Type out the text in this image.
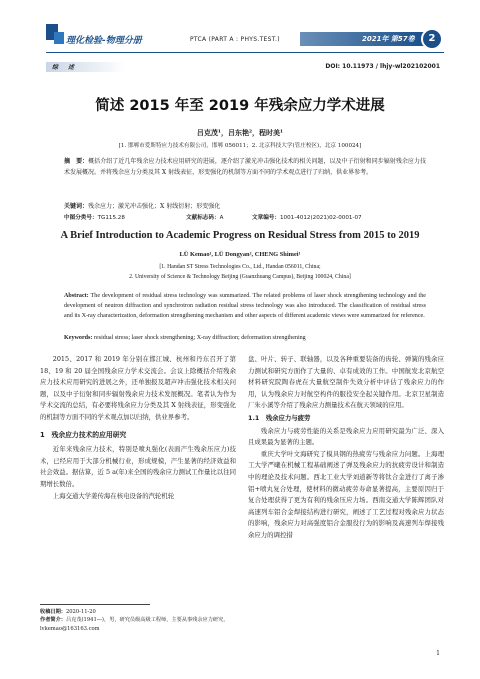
理化检验-物理分册	PTCA (PART A : PHYS.TEST.)	2021年 第57卷	2
综　述	DOI: 10.11973 / lhjy-wl202102001
简述 2015 年至 2019 年残余应力学术进展
吕克茂¹，吕东艳²，程时美¹
[1. 邯郸市爱斯特应力技术有限公司，邯郸 056011；2. 北京科技大学(管庄校区)，北京 100024]
摘　要：概括介绍了近几年残余应力技术应用研究的进展，逐介绍了激光冲击强化技术的相关问题，以及中子衍射和同步辐射残余应力技术发展概况。并将残余应力分类及其 X 射线表征，形变强化的机制等方面不同的学术观点进行了归纳，供业界参考。
关键词：残余应力；激光冲击强化；X 射线衍射；形变强化
中图分类号：TG115.28	文献标志码：A	文章编号：1001-4012(2021)02-0001-07
A Brief Introduction to Academic Progress on Residual Stress from 2015 to 2019
LÜ Kemao¹, LÜ Dongyan², CHENG Shimei¹
[1. Handan ST Stress Technologies Co., Ltd., Handan 056011, China;
2. University of Science & Technology Beijing (Guanzhuang Campus), Beijing 100024, China]
Abstract: The development of residual stress technology was summarized. The related problems of laser shock strengthening technology and the development of neutron diffraction and synchrotron radiation residual stress technology was also introduced. The classification of residual stress and its X-ray characterization, deformation strengthening mechanism and other aspects of different academic views were summarized for reference.
Keywords: residual stress; laser shock strengthening; X-ray diffraction; deformation strengthening

2015、2017 和 2019 年分别在邯江城、杭州和丹东召开了第 18、19 和 20 届全国残余应力学术交流会。会议上除概括介绍残余应力技术应用研究的进展之外，还单独报及超声冲击强化技术相关问题，以及中子衍射和同步辐射残余应力技术发展概况。笔者认为作为学术交流的总结，有必要将残余应力分类及其 X 射线表征，形变强化的机制等方面不同的学术观点加以归纳，供业界参考。

1　残余应力技术的应用研究

近年来残余应力技术，特别是喷丸强化(表面产生残余压应力)技术，已经应用于大部分机械行业，形成规模，产生显著的经济效益和社会效益。据估算，近 5 a(年)来全国的残余应力测试工作量比以往同期增长数倍。

上海交通大学姜传海在核电设备的汽轮机轮

盘、叶片、转子、联轴器，以及各种重要装备的齿轮、弹簧的残余应力测试和研究方面作了大量的、卓有成效的工作。中国航发北京航空材料研究院陶春虎在大量航空制件失效分析中评估了残余应力的作用，认为残余应力对航空构件的服役安全起关键作用。北京卫星制造厂朱小溪等介绍了残余应力测量技术在航天领域的应用。

1.1　残余应力与疲劳

残余应力与疲劳性能的关系是残余应力应用研究最为广泛、深入且成果最为显著的主题。

重庆大学叶文海研究了模具钢的热疲劳与残余应力问题。上海理工大学严曦在机械工程基础阐述了弹及残余应力的抗疲劳设计和制造中的理论及技术问题。西北工业大学刘道新等将钛合金进行了离子渗铝+喷丸复合处理，使材料的微动疲劳寿命显著提高，主要原因归于复合处理获得了更为有利的残余压应力场。西南交通大学陈辉团队对高速列车铝合金焊接结构进行研究，阐述了工艺过程对残余应力状态的影响，残余应力对高强度铝合金服役行为的影响及高速列车焊接残余应力的调控措

收稿日期：2020-11-20
作者简介：吕克茂(1941—)，男，研究员级高级工程师，主要从事残余应力研究，lvkemao@163163.com
1
